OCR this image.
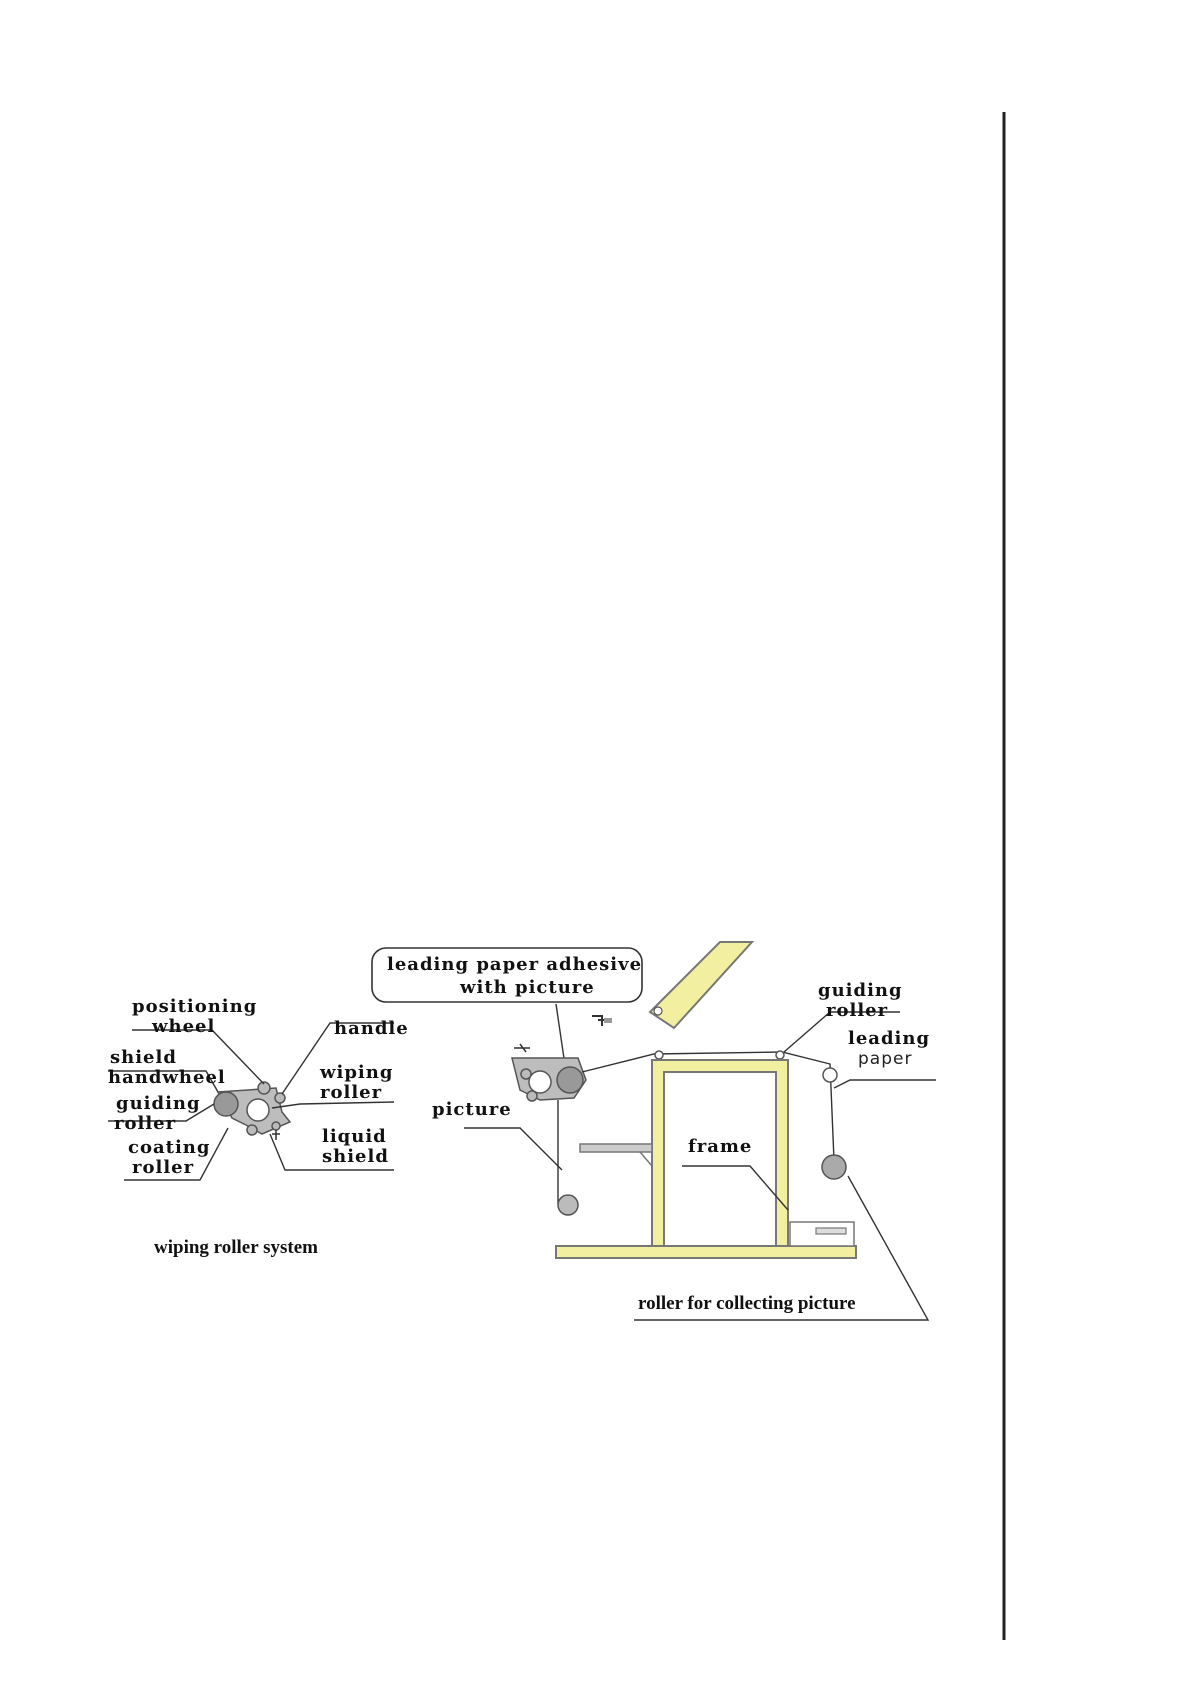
positioning
wheel
shield
handwheel
guiding
roller
coating
roller
handle
wiping
roller
liquid
shield
wiping roller system
leading paper adhesive
with picture
picture
frame
guiding
roller
leading
paper
roller for collecting picture
